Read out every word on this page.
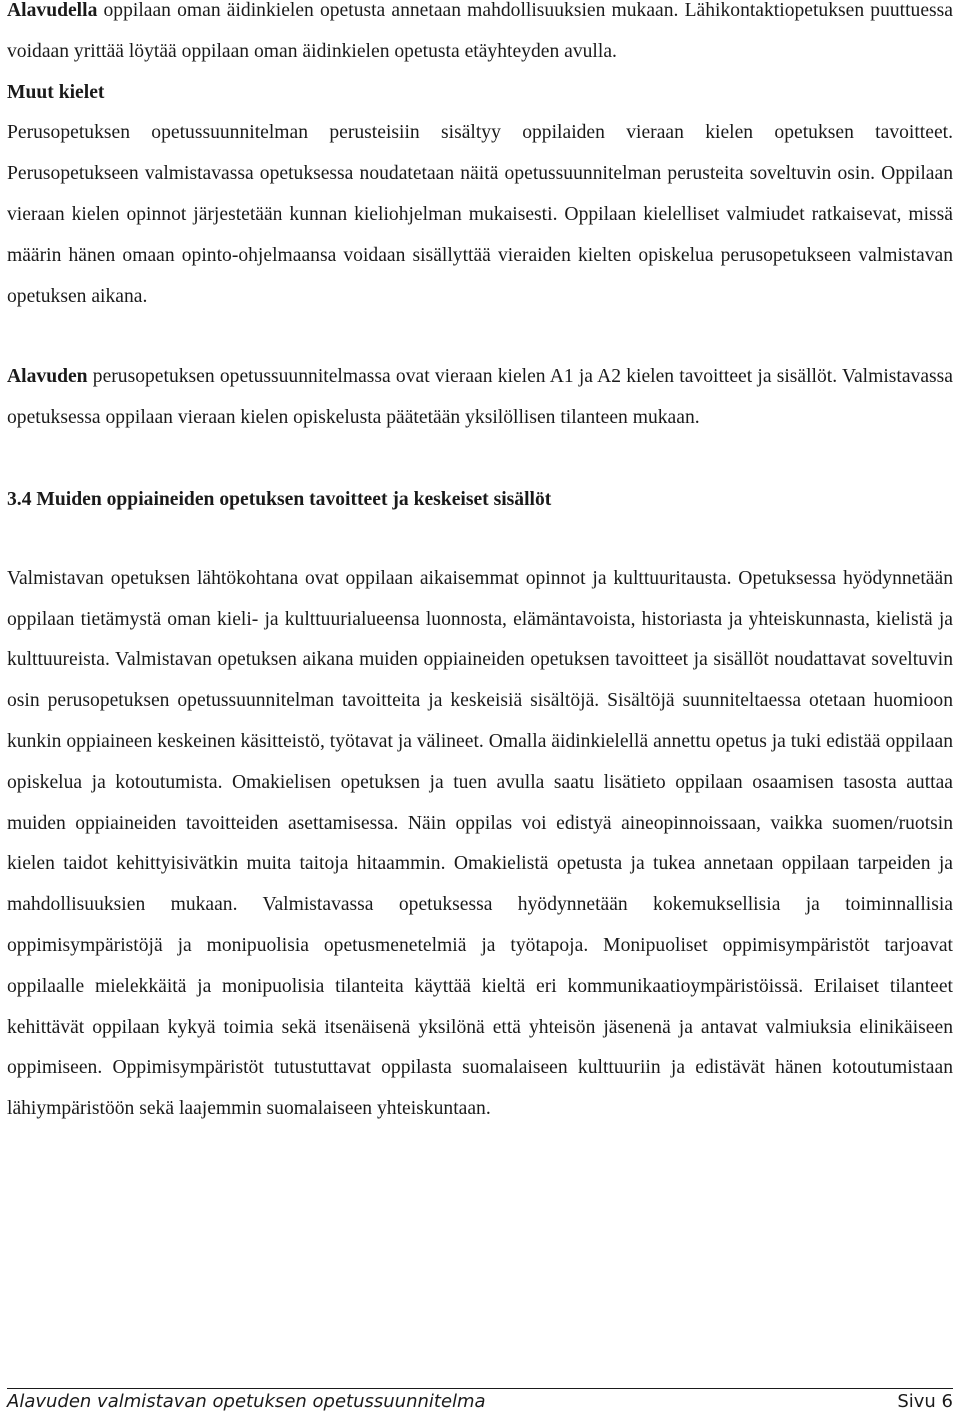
Alavudella oppilaan oman äidinkielen opetusta annetaan mahdollisuuksien mukaan. Lähikontaktiopetuksen puuttuessa voidaan yrittää löytää oppilaan oman äidinkielen opetusta etäyhteyden avulla.

Muut kielet

Perusopetuksen opetussuunnitelman perusteisiin sisältyy oppilaiden vieraan kielen opetuksen tavoitteet. Perusopetukseen valmistavassa opetuksessa noudatetaan näitä opetussuunnitelman perusteita soveltuvin osin. Oppilaan vieraan kielen opinnot järjestetään kunnan kieliohjelman mukaisesti. Oppilaan kielelliset valmiudet ratkaisevat, missä määrin hänen omaan opinto-ohjelmaansa voidaan sisällyttää vieraiden kielten opiskelua perusopetukseen valmistavan opetuksen aikana.

Alavuden perusopetuksen opetussuunnitelmassa ovat vieraan kielen A1 ja A2 kielen tavoitteet ja sisällöt. Valmistavassa opetuksessa oppilaan vieraan kielen opiskelusta päätetään yksilöllisen tilanteen mukaan.

3.4 Muiden oppiaineiden opetuksen tavoitteet ja keskeiset sisällöt

Valmistavan opetuksen lähtökohtana ovat oppilaan aikaisemmat opinnot ja kulttuuritausta. Opetuksessa hyödynnetään oppilaan tietämystä oman kieli- ja kulttuurialueensa luonnosta, elämäntavoista, historiasta ja yhteiskunnasta, kielistä ja kulttuureista. Valmistavan opetuksen aikana muiden oppiaineiden opetuksen tavoitteet ja sisällöt noudattavat soveltuvin osin perusopetuksen opetussuunnitelman tavoitteita ja keskeisiä sisältöjä. Sisältöjä suunniteltaessa otetaan huomioon kunkin oppiaineen keskeinen käsitteistö, työtavat ja välineet. Omalla äidinkielellä annettu opetus ja tuki edistää oppilaan opiskelua ja kotoutumista. Omakielisen opetuksen ja tuen avulla saatu lisätieto oppilaan osaamisen tasosta auttaa muiden oppiaineiden tavoitteiden asettamisessa. Näin oppilas voi edistyä aineopinnoissaan, vaikka suomen/ruotsin kielen taidot kehittyisivätkin muita taitoja hitaammin. Omakielistä opetusta ja tukea annetaan oppilaan tarpeiden ja mahdollisuuksien mukaan. Valmistavassa opetuksessa hyödynnetään kokemuksellisia ja toiminnallisia oppimisympäristöjä ja monipuolisia opetusmenetelmiä ja työtapoja. Monipuoliset oppimisympäristöt tarjoavat oppilaalle mielekkäitä ja monipuolisia tilanteita käyttää kieltä eri kommunikaatioympäristöissä. Erilaiset tilanteet kehittävät oppilaan kykyä toimia sekä itsenäisenä yksilönä että yhteisön jäsenenä ja antavat valmiuksia elinikäiseen oppimiseen. Oppimisympäristöt tutustuttavat oppilasta suomalaiseen kulttuuriin ja edistävät hänen kotoutumistaan lähiympäristöön sekä laajemmin suomalaiseen yhteiskuntaan.

Alavuden valmistavan opetuksen opetussuunnitelma	Sivu 6
